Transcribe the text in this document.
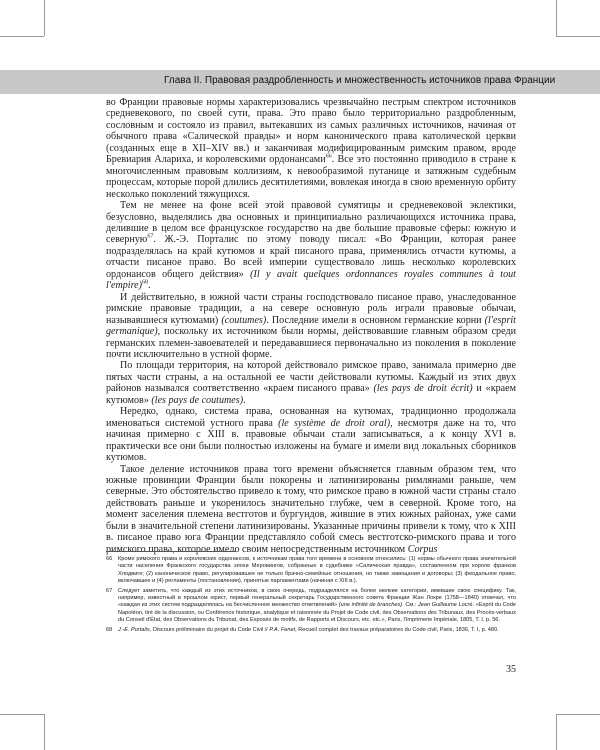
Глава II. Правовая раздробленность и множественность источников права Франции

во Франции правовые нормы характеризовались чрезвычайно пестрым спектром источников средневекового, по своей сути, права. Это право было территориально раздробленным, сословным и состояло из правил, вытекавших из самых различных источников, начиная от обычного права «Салической правды» и норм канонического права католической церкви (созданных еще в XII–XIV вв.) и заканчивая модифицированным римским правом, вроде Бревиария Алариха, и королевскими ордонансами$^{66}$. Все это постоянно приводило в стране к многочисленным правовым коллизиям, к невообразимой путанице и затяжным судебным процессам, которые порой длились десятилетиями, вовлекая иногда в свою временную орбиту несколько поколений тяжущихся.

Тем не менее на фоне всей этой правовой сумятицы и средневековой эклектики, безусловно, выделялись два основных и принципиально различающихся источника права, делившие в целом все французское государство на две большие правовые сферы: южную и северную$^{67}$. Ж.-Э. Порталис по этому поводу писал: «Во Франции, которая ранее подразделялась на край кутюмов и край писаного права, применялись отчасти кутюмы, а отчасти писаное право. Во всей империи существовало лишь несколько королевских ордонансов общего действия» (Il y avait quelques ordonnances royales communes à tout l'empire)$^{68}$.

И действительно, в южной части страны господствовало писаное право, унаследованное римские правовые традиции, а на севере основную роль играли правовые обычаи, называвшиеся кутюмами) (coutumes). Последние имели в основном германские корни (l'esprit germanique), поскольку их источником были нормы, действовавшие главным образом среди германских племен-завоевателей и передававшиеся первоначально из поколения в поколение почти исключительно в устной форме.

По площади территория, на которой действовало римское право, занимала примерно две пятых части страны, а на остальной ее части действовали кутюмы. Каждый из этих двух районов назывался соответственно «краем писаного права» (les pays de droit écrit) и «краем кутюмов» (les pays de coutumes).

Нередко, однако, система права, основанная на кутюмах, традиционно продолжала именоваться системой устного права (le système de droit oral), несмотря даже на то, что начиная примерно с XIII в. правовые обычаи стали записываться, а к концу XVI в. практически все они были полностью изложены на бумаге и имели вид локальных сборников кутюмов.

Такое деление источников права того времени объясняется главным образом тем, что южные провинции Франции были покорены и латинизированы римлянами раньше, чем северные. Это обстоятельство привело к тому, что римское право в южной части страны стало действовать раньше и укоренилось значительно глубже, чем в северной. Кроме того, на момент заселения племена вестготов и бургундов, жившие в этих южных районах, уже сами были в значительной степени латинизированы. Указанные причины привели к тому, что к XIII в. писаное право юга Франции представляло собой смесь вестготско-римского права и того римского права, которое имело своим непосредственным источником Corpus

66 Кроме римского права и королевских ордонансов, к источникам права того времени в основном относились: (1) нормы обычного права значительной части населения Франкского государства эпохи Меровингов, собранные в судебнике «Салическая правда», составленном при короле франков Хлодвиге; (2) каноническое право, регулировавшее не только брачно-семейные отношения, но также завещания и договоры; (3) феодальное право, включавшее и (4) регламенты (постановления), принятые парламентами (начиная с XIII в.).
67 Следует заметить, что каждый из этих источников, в свою очередь, подразделялся на более мелкие категории, имевшие свою специфику. Так, например, известный в прошлом юрист, первый генеральный секретарь Государственного совета Франции Жан Локре (1758—1840) отмечал, что «каждая из этих систем подразделялась на бесчисленное множество ответвлений» (une infinité de branches). См.: Jean Guillaume Locré. «Esprit du Code Napoléon, tiré de la discussion, ou Conférence historique, analytique et raisonnée du Projet de Code civil, des Observations des Tribunaux, des Procès-verbaux du Conseil d'État, des Observations du Tribunat, des Exposés de motifs, de Rapports et Discours, etc. etc.», Paris, l'Imprimerie Impériale, 1805, T. I, p. 56.
68 J.-E. Portalis, Discours préliminaire du projet du Code Civil // P.A. Fenet, Recueil complet des travaux préparatoires du Code civil, Paris, 1836, T. I, p. 480.
35
